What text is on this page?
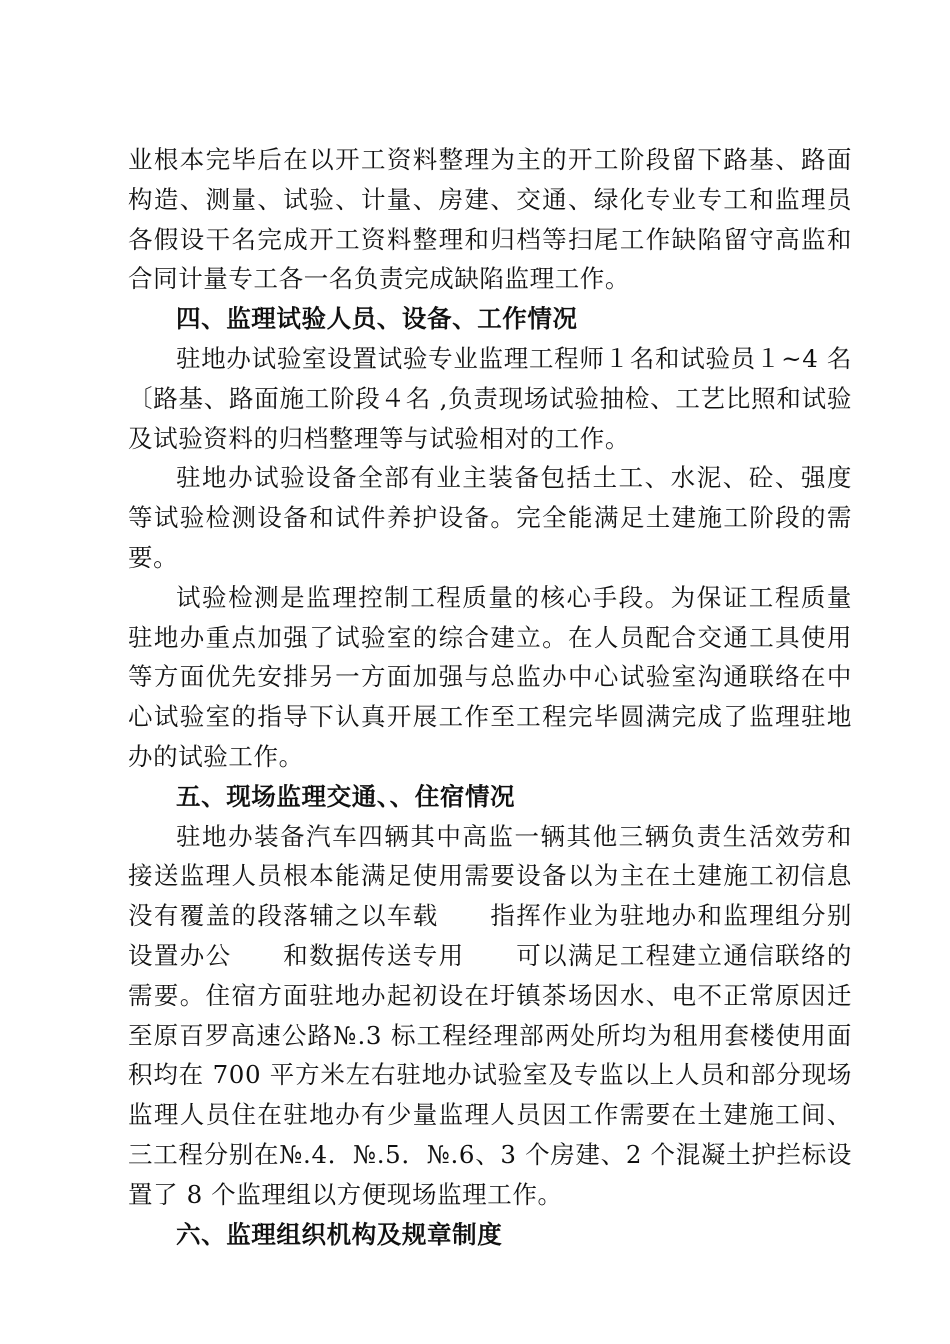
业根本完毕后在以开工资料整理为主的开工阶段留下路基、路面构造、测量、试验、计量、房建、交通、绿化专业专工和监理员各假设干名完成开工资料整理和归档等扫尾工作缺陷留守高监和合同计量专工各一名负责完成缺陷监理工作。

四、监理试验人员、设备、工作情况

驻地办试验室设置试验专业监理工程师１名和试验员１~4 名〔路基、路面施工阶段４名 ,负责现场试验抽检、工艺比照和试验及试验资料的归档整理等与试验相对的工作。

驻地办试验设备全部有业主装备包括土工、水泥、砼、强度等试验检测设备和试件养护设备。完全能满足土建施工阶段的需要。

试验检测是监理控制工程质量的核心手段。为保证工程质量驻地办重点加强了试验室的综合建立。在人员配合交通工具使用等方面优先安排另一方面加强与总监办中心试验室沟通联络在中心试验室的指导下认真开展工作至工程完毕圆满完成了监理驻地办的试验工作。

五、现场监理交通、、住宿情况

驻地办装备汽车四辆其中高监一辆其他三辆负责生活效劳和接送监理人员根本能满足使用需要设备以为主在土建施工初信息没有覆盖的段落辅之以车载　　指挥作业为驻地办和监理组分别设置办公　　和数据传送专用　　可以满足工程建立通信联络的需要。住宿方面驻地办起初设在圩镇茶场因水、电不正常原因迁至原百罗高速公路№.3 标工程经理部两处所均为租用套楼使用面积均在 700 平方米左右驻地办试验室及专监以上人员和部分现场监理人员住在驻地办有少量监理人员因工作需要在土建施工间、三工程分别在№.4．№.5．№.6、3 个房建、2 个混凝土护拦标设置了 8 个监理组以方便现场监理工作。

六、监理组织机构及规章制度
